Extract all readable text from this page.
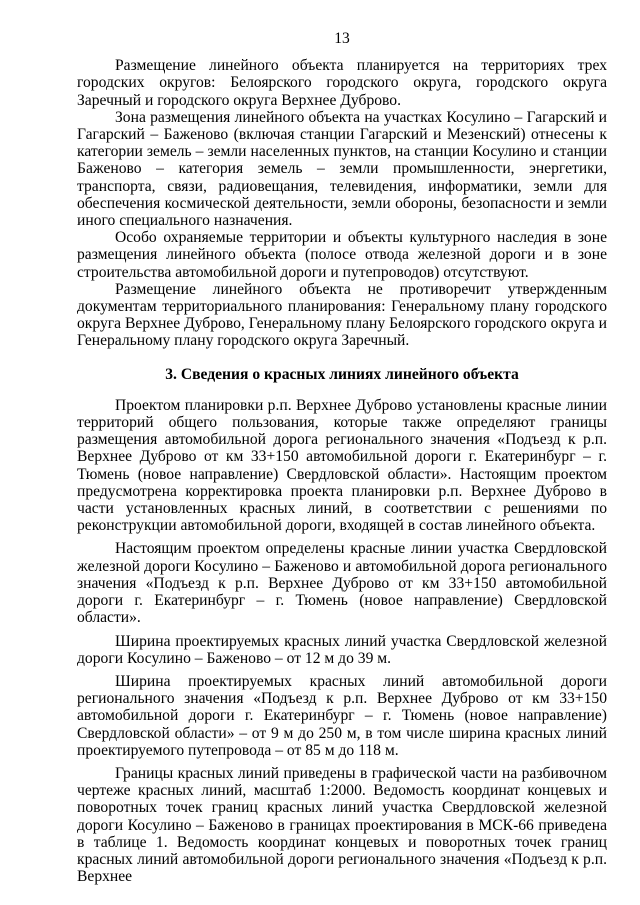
13

Размещение линейного объекта планируется на территориях трех городских округов: Белоярского городского округа, городского округа Заречный и городского округа Верхнее Дуброво.

Зона размещения линейного объекта на участках Косулино – Гагарский и Гагарский – Баженово (включая станции Гагарский и Мезенский) отнесены к категории земель – земли населенных пунктов, на станции Косулино и станции Баженово – категория земель – земли промышленности, энергетики, транспорта, связи, радиовещания, телевидения, информатики, земли для обеспечения космической деятельности, земли обороны, безопасности и земли иного специального назначения.

Особо охраняемые территории и объекты культурного наследия в зоне размещения линейного объекта (полосе отвода железной дороги и в зоне строительства автомобильной дороги и путепроводов) отсутствуют.

Размещение линейного объекта не противоречит утвержденным документам территориального планирования: Генеральному плану городского округа Верхнее Дуброво, Генеральному плану Белоярского городского округа и Генеральному плану городского округа Заречный.

3. Сведения о красных линиях линейного объекта

Проектом планировки р.п. Верхнее Дуброво установлены красные линии территорий общего пользования, которые также определяют границы размещения автомобильной дорога регионального значения «Подъезд к р.п. Верхнее Дуброво от км 33+150 автомобильной дороги г. Екатеринбург – г. Тюмень (новое направление) Свердловской области». Настоящим проектом предусмотрена корректировка проекта планировки р.п. Верхнее Дуброво в части установленных красных линий, в соответствии с решениями по реконструкции автомобильной дороги, входящей в состав линейного объекта.

Настоящим проектом определены красные линии участка Свердловской железной дороги Косулино – Баженово и автомобильной дорога регионального значения «Подъезд к р.п. Верхнее Дуброво от км 33+150 автомобильной дороги г. Екатеринбург – г. Тюмень (новое направление) Свердловской области».

Ширина проектируемых красных линий участка Свердловской железной дороги Косулино – Баженово – от 12 м до 39 м.

Ширина проектируемых красных линий автомобильной дороги регионального значения «Подъезд к р.п. Верхнее Дуброво от км 33+150 автомобильной дороги г. Екатеринбург – г. Тюмень (новое направление) Свердловской области» – от 9 м до 250 м, в том числе ширина красных линий проектируемого путепровода – от 85 м до 118 м.

Границы красных линий приведены в графической части на разбивочном чертеже красных линий, масштаб 1:2000. Ведомость координат концевых и поворотных точек границ красных линий участка Свердловской железной дороги Косулино – Баженово в границах проектирования в МСК-66 приведена в таблице 1. Ведомость координат концевых и поворотных точек границ красных линий автомобильной дороги регионального значения «Подъезд к р.п. Верхнее
